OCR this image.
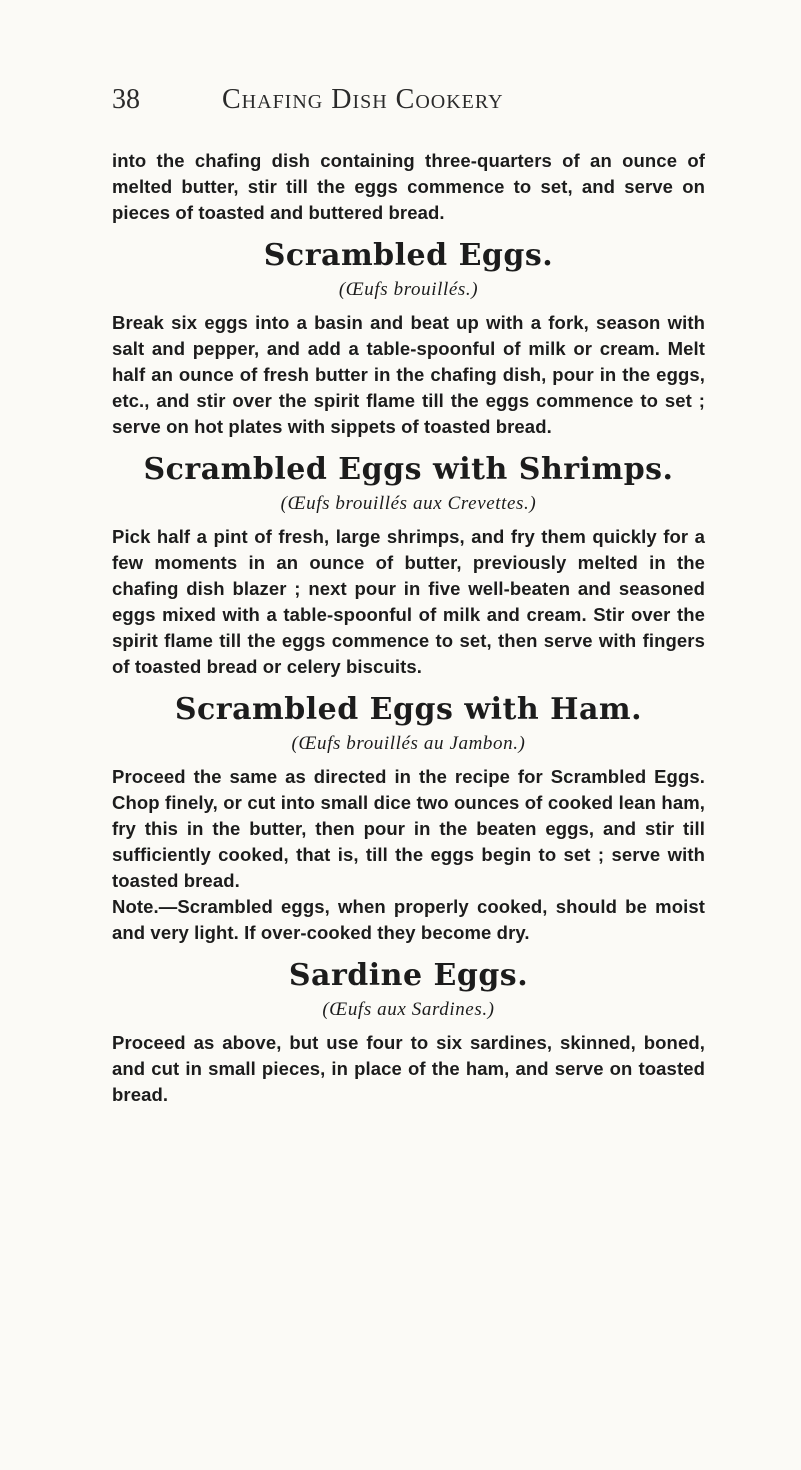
38	Chafing Dish Cookery

into the chafing dish containing three-quarters of an ounce of melted butter, stir till the eggs commence to set, and serve on pieces of toasted and buttered bread.

Scrambled Eggs.
(Œufs brouillés.)

Break six eggs into a basin and beat up with a fork, season with salt and pepper, and add a table-spoonful of milk or cream. Melt half an ounce of fresh butter in the chafing dish, pour in the eggs, etc., and stir over the spirit flame till the eggs commence to set ; serve on hot plates with sippets of toasted bread.

Scrambled Eggs with Shrimps.
(Œufs brouillés aux Crevettes.)

Pick half a pint of fresh, large shrimps, and fry them quickly for a few moments in an ounce of butter, previously melted in the chafing dish blazer ; next pour in five well-beaten and seasoned eggs mixed with a table-spoonful of milk and cream. Stir over the spirit flame till the eggs commence to set, then serve with fingers of toasted bread or celery biscuits.

Scrambled Eggs with Ham.
(Œufs brouillés au Jambon.)

Proceed the same as directed in the recipe for Scrambled Eggs. Chop finely, or cut into small dice two ounces of cooked lean ham, fry this in the butter, then pour in the beaten eggs, and stir till sufficiently cooked, that is, till the eggs begin to set ; serve with toasted bread.

Note.—Scrambled eggs, when properly cooked, should be moist and very light. If over-cooked they become dry.

Sardine Eggs.
(Œufs aux Sardines.)

Proceed as above, but use four to six sardines, skinned, boned, and cut in small pieces, in place of the ham, and serve on toasted bread.
